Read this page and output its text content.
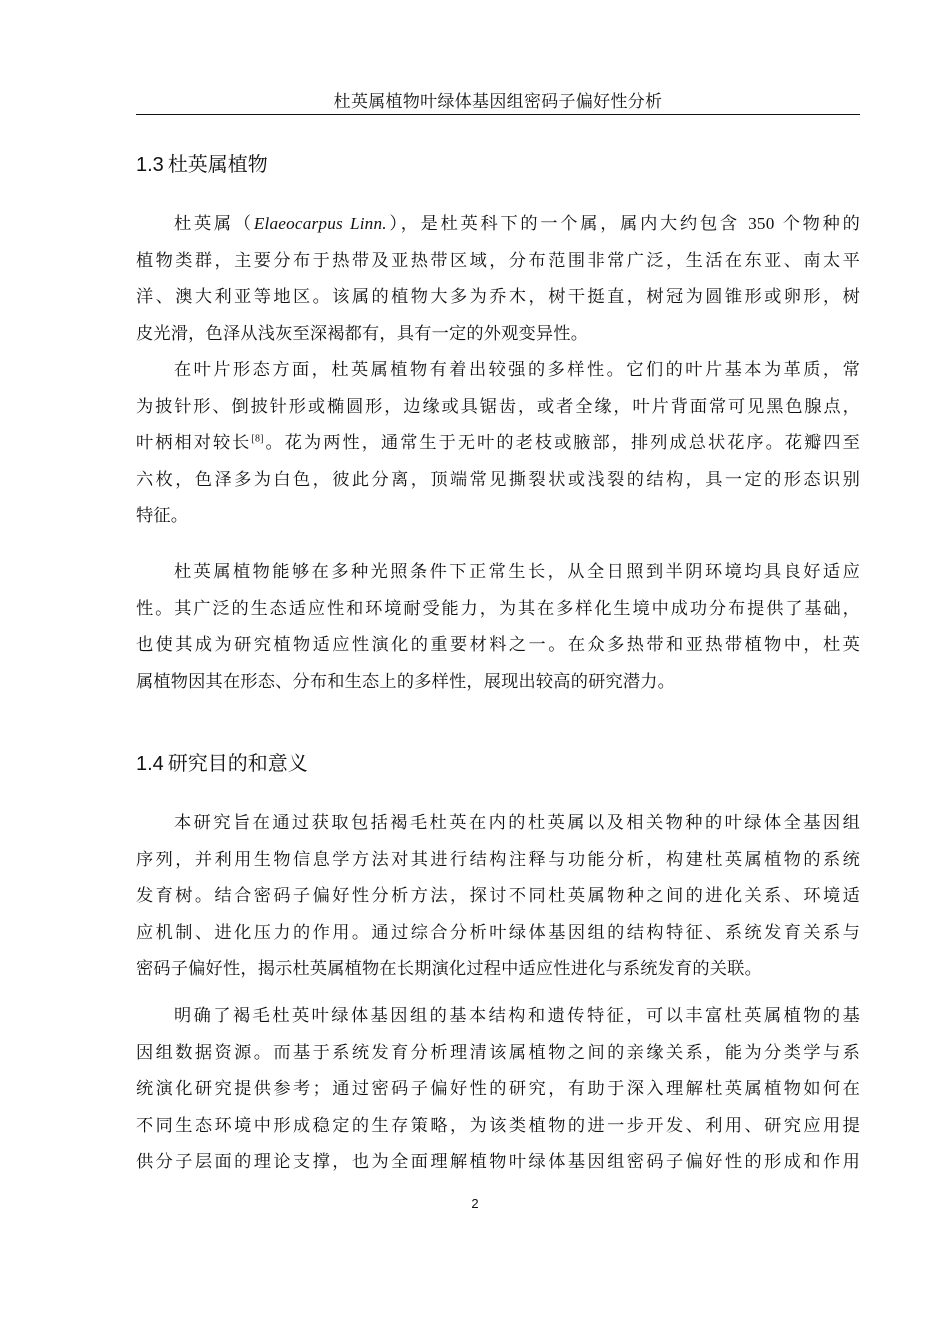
杜英属植物叶绿体基因组密码子偏好性分析
1.3 杜英属植物
杜英属（Elaeocarpus Linn.），是杜英科下的一个属，属内大约包含 350 个物种的
植物类群，主要分布于热带及亚热带区域，分布范围非常广泛，生活在东亚、南太平
洋、澳大利亚等地区。该属的植物大多为乔木，树干挺直，树冠为圆锥形或卵形，树
皮光滑，色泽从浅灰至深褐都有，具有一定的外观变异性。
在叶片形态方面，杜英属植物有着出较强的多样性。它们的叶片基本为革质，常
为披针形、倒披针形或椭圆形，边缘或具锯齿，或者全缘，叶片背面常可见黑色腺点，
叶柄相对较长[8]。花为两性，通常生于无叶的老枝或腋部，排列成总状花序。花瓣四至
六枚，色泽多为白色，彼此分离，顶端常见撕裂状或浅裂的结构，具一定的形态识别
特征。
杜英属植物能够在多种光照条件下正常生长，从全日照到半阴环境均具良好适应
性。其广泛的生态适应性和环境耐受能力，为其在多样化生境中成功分布提供了基础，
也使其成为研究植物适应性演化的重要材料之一。在众多热带和亚热带植物中，杜英
属植物因其在形态、分布和生态上的多样性，展现出较高的研究潜力。
1.4 研究目的和意义
本研究旨在通过获取包括褐毛杜英在内的杜英属以及相关物种的叶绿体全基因组
序列，并利用生物信息学方法对其进行结构注释与功能分析，构建杜英属植物的系统
发育树。结合密码子偏好性分析方法，探讨不同杜英属物种之间的进化关系、环境适
应机制、进化压力的作用。通过综合分析叶绿体基因组的结构特征、系统发育关系与
密码子偏好性，揭示杜英属植物在长期演化过程中适应性进化与系统发育的关联。
明确了褐毛杜英叶绿体基因组的基本结构和遗传特征，可以丰富杜英属植物的基
因组数据资源。而基于系统发育分析理清该属植物之间的亲缘关系，能为分类学与系
统演化研究提供参考；通过密码子偏好性的研究，有助于深入理解杜英属植物如何在
不同生态环境中形成稳定的生存策略，为该类植物的进一步开发、利用、研究应用提
供分子层面的理论支撑，也为全面理解植物叶绿体基因组密码子偏好性的形成和作用
2
